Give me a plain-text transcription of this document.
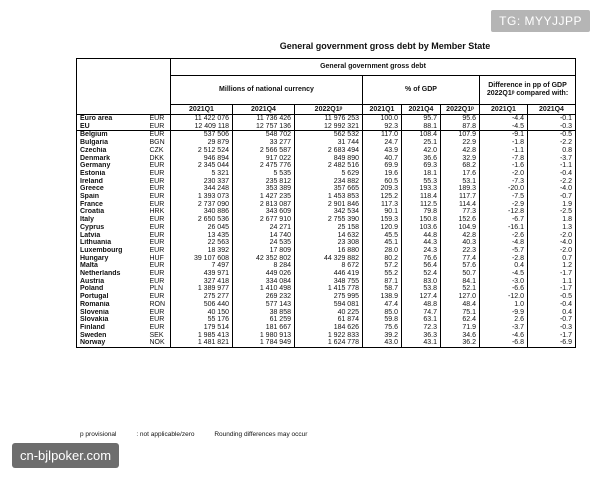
TG: MYYJJPP
General government gross debt by Member State
		General government gross debt							
		Millions of national currency			% of GDP			Difference in pp of GDP 2022Q1ᵖ compared with:	

		2021Q1	2021Q4	2022Q1ᵖ	2021Q1	2021Q4	2022Q1ᵖ	2021Q1	2021Q4
Euro area	EUR	11 422 076	11 736 426	11 976 253	100.0	95.7	95.6	-4.4	-0.1
EU	EUR	12 409 118	12 757 136	12 992 321	92.3	88.1	87.8	-4.5	-0.3
Belgium	EUR	537 506	548 702	562 532	117.0	108.4	107.9	-9.1	-0.5
Bulgaria	BGN	29 879	33 277	31 744	24.7	25.1	22.9	-1.8	-2.2
Czechia	CZK	2 512 524	2 566 587	2 683 494	43.9	42.0	42.8	-1.1	0.8
Denmark	DKK	946 894	917 022	849 890	40.7	36.6	32.9	-7.8	-3.7
Germany	EUR	2 345 044	2 475 776	2 482 516	69.9	69.3	68.2	-1.6	-1.1
Estonia	EUR	5 321	5 535	5 629	19.6	18.1	17.6	-2.0	-0.4
Ireland	EUR	230 337	235 812	234 882	60.5	55.3	53.1	-7.3	-2.2
Greece	EUR	344 248	353 389	357 665	209.3	193.3	189.3	-20.0	-4.0
Spain	EUR	1 393 073	1 427 235	1 453 853	125.2	118.4	117.7	-7.5	-0.7
France	EUR	2 737 090	2 813 087	2 901 846	117.3	112.5	114.4	-2.9	1.9
Croatia	HRK	340 886	343 609	342 534	90.1	79.8	77.3	-12.8	-2.5
Italy	EUR	2 650 536	2 677 910	2 755 390	159.3	150.8	152.6	-6.7	1.8
Cyprus	EUR	26 045	24 271	25 158	120.9	103.6	104.9	-16.1	1.3
Latvia	EUR	13 435	14 740	14 632	45.5	44.8	42.8	-2.6	-2.0
Lithuania	EUR	22 563	24 535	23 308	45.1	44.3	40.3	-4.8	-4.0
Luxembourg	EUR	18 392	17 809	16 880	28.0	24.3	22.3	-5.7	-2.0
Hungary	HUF	39 107 608	42 352 802	44 329 882	80.2	76.6	77.4	-2.8	0.7
Malta	EUR	7 497	8 284	8 672	57.2	56.4	57.6	0.4	1.2
Netherlands	EUR	439 971	449 026	446 419	55.2	52.4	50.7	-4.5	-1.7
Austria	EUR	327 418	334 084	348 755	87.1	83.0	84.1	-3.0	1.1
Poland	PLN	1 389 977	1 410 498	1 415 778	58.7	53.8	52.1	-6.6	-1.7
Portugal	EUR	275 277	269 232	275 995	138.9	127.4	127.0	-12.0	-0.5
Romania	RON	506 440	577 143	594 081	47.4	48.8	48.4	1.0	-0.4
Slovenia	EUR	40 150	38 858	40 225	85.0	74.7	75.1	-9.9	0.4
Slovakia	EUR	55 176	61 259	61 874	59.8	63.1	62.4	2.6	-0.7
Finland	EUR	179 514	181 667	184 626	75.6	72.3	71.9	-3.7	-0.3
Sweden	SEK	1 985 413	1 980 913	1 922 833	39.2	36.3	34.6	-4.6	-1.7
Norway	NOK	1 481 821	1 784 949	1 624 778	43.0	43.1	36.2	-6.8	-6.9
p provisional	: not applicable/zero	Rounding differences may occur
cn-bjlpoker.com
